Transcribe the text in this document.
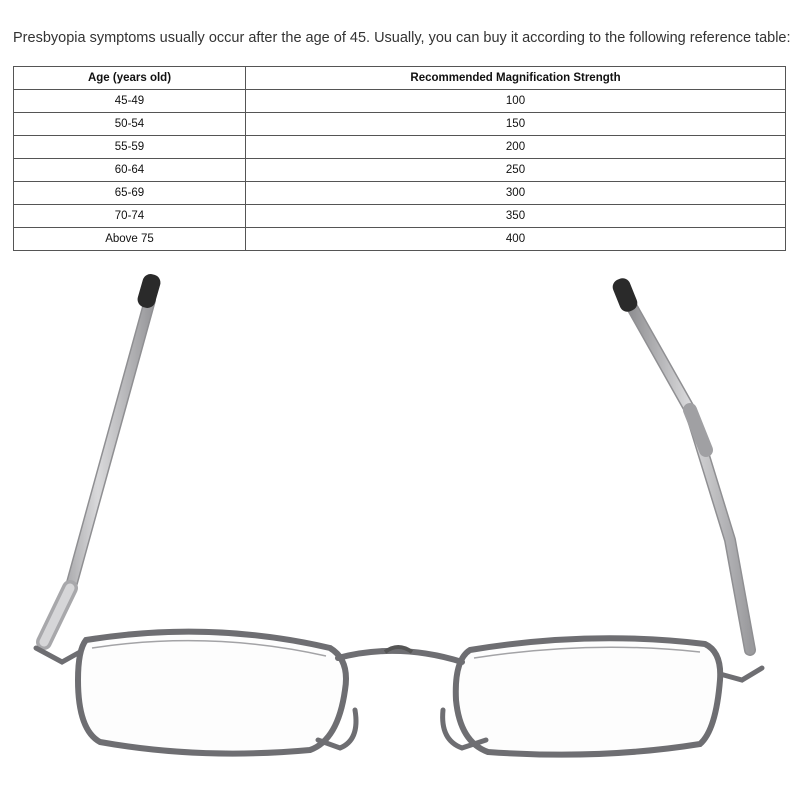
Presbyopia symptoms usually occur after the age of 45. Usually, you can buy it according to the following reference table:
Age (years old)	Recommended Magnification Strength
45-49	100
50-54	150
55-59	200
60-64	250
65-69	300
70-74	350
Above 75	400
